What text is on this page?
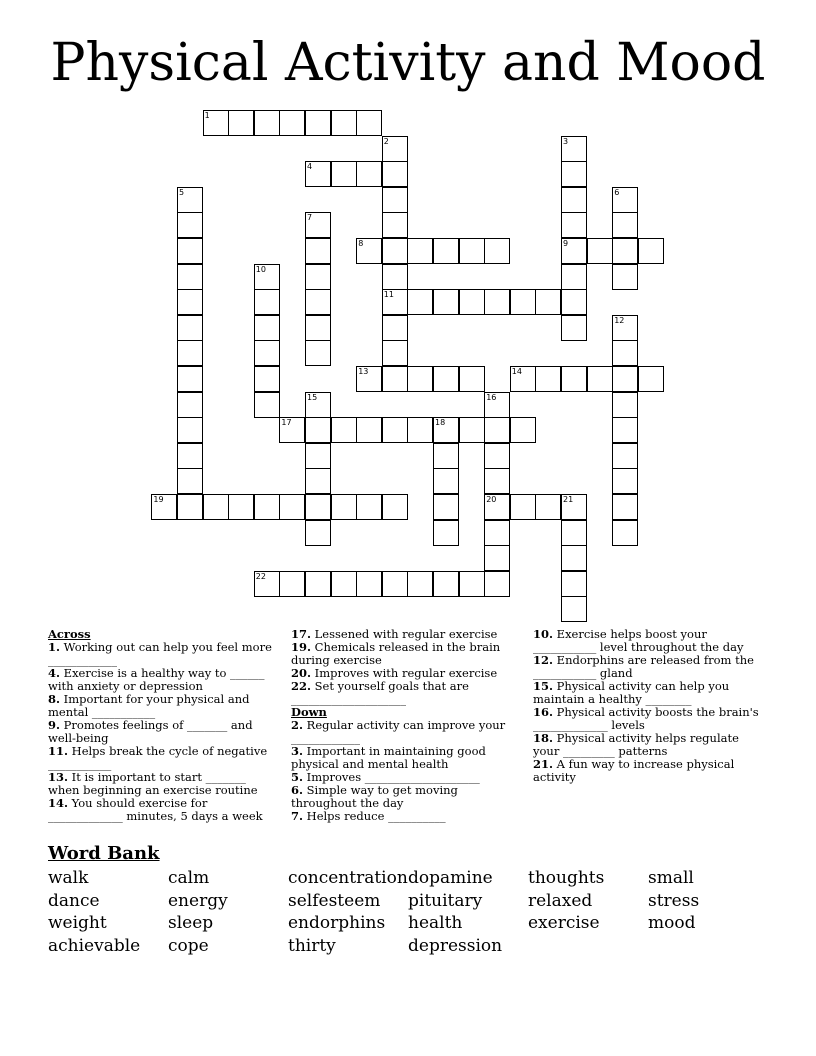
Physical Activity and Mood
1
2	3
4
5	6
7
8	9
10
11
12
13	14
15	16
17	18
19	20	21
22
Across
1. Working out can help you feel more ____________
4. Exercise is a healthy way to ______ with anxiety or depression
8. Important for your physical and mental ___________
9. Promotes feelings of _______ and well-being
11. Helps break the cycle of negative ___________
13. It is important to start _______ when beginning an exercise routine
14. You should exercise for _____________ minutes, 5 days a week
17. Lessened with regular exercise
19. Chemicals released in the brain during exercise
20. Improves with regular exercise
22. Set yourself goals that are ____________________
Down
2. Regular activity can improve your ____________
3. Important in maintaining good physical and mental health
5. Improves ____________________
6. Simple way to get moving throughout the day
7. Helps reduce __________
10. Exercise helps boost your ___________ level throughout the day
12. Endorphins are released from the ___________ gland
15. Physical activity can help you maintain a healthy ________
16. Physical activity boosts the brain's _____________ levels
18. Physical activity helps regulate your _________ patterns
21. A fun way to increase physical activity
Word Bank
walk
dance
weight
achievable
calm
energy
sleep
cope
concentration
selfesteem
endorphins
thirty
dopamine
pituitary
health
depression
thoughts
relaxed
exercise
small
stress
mood
